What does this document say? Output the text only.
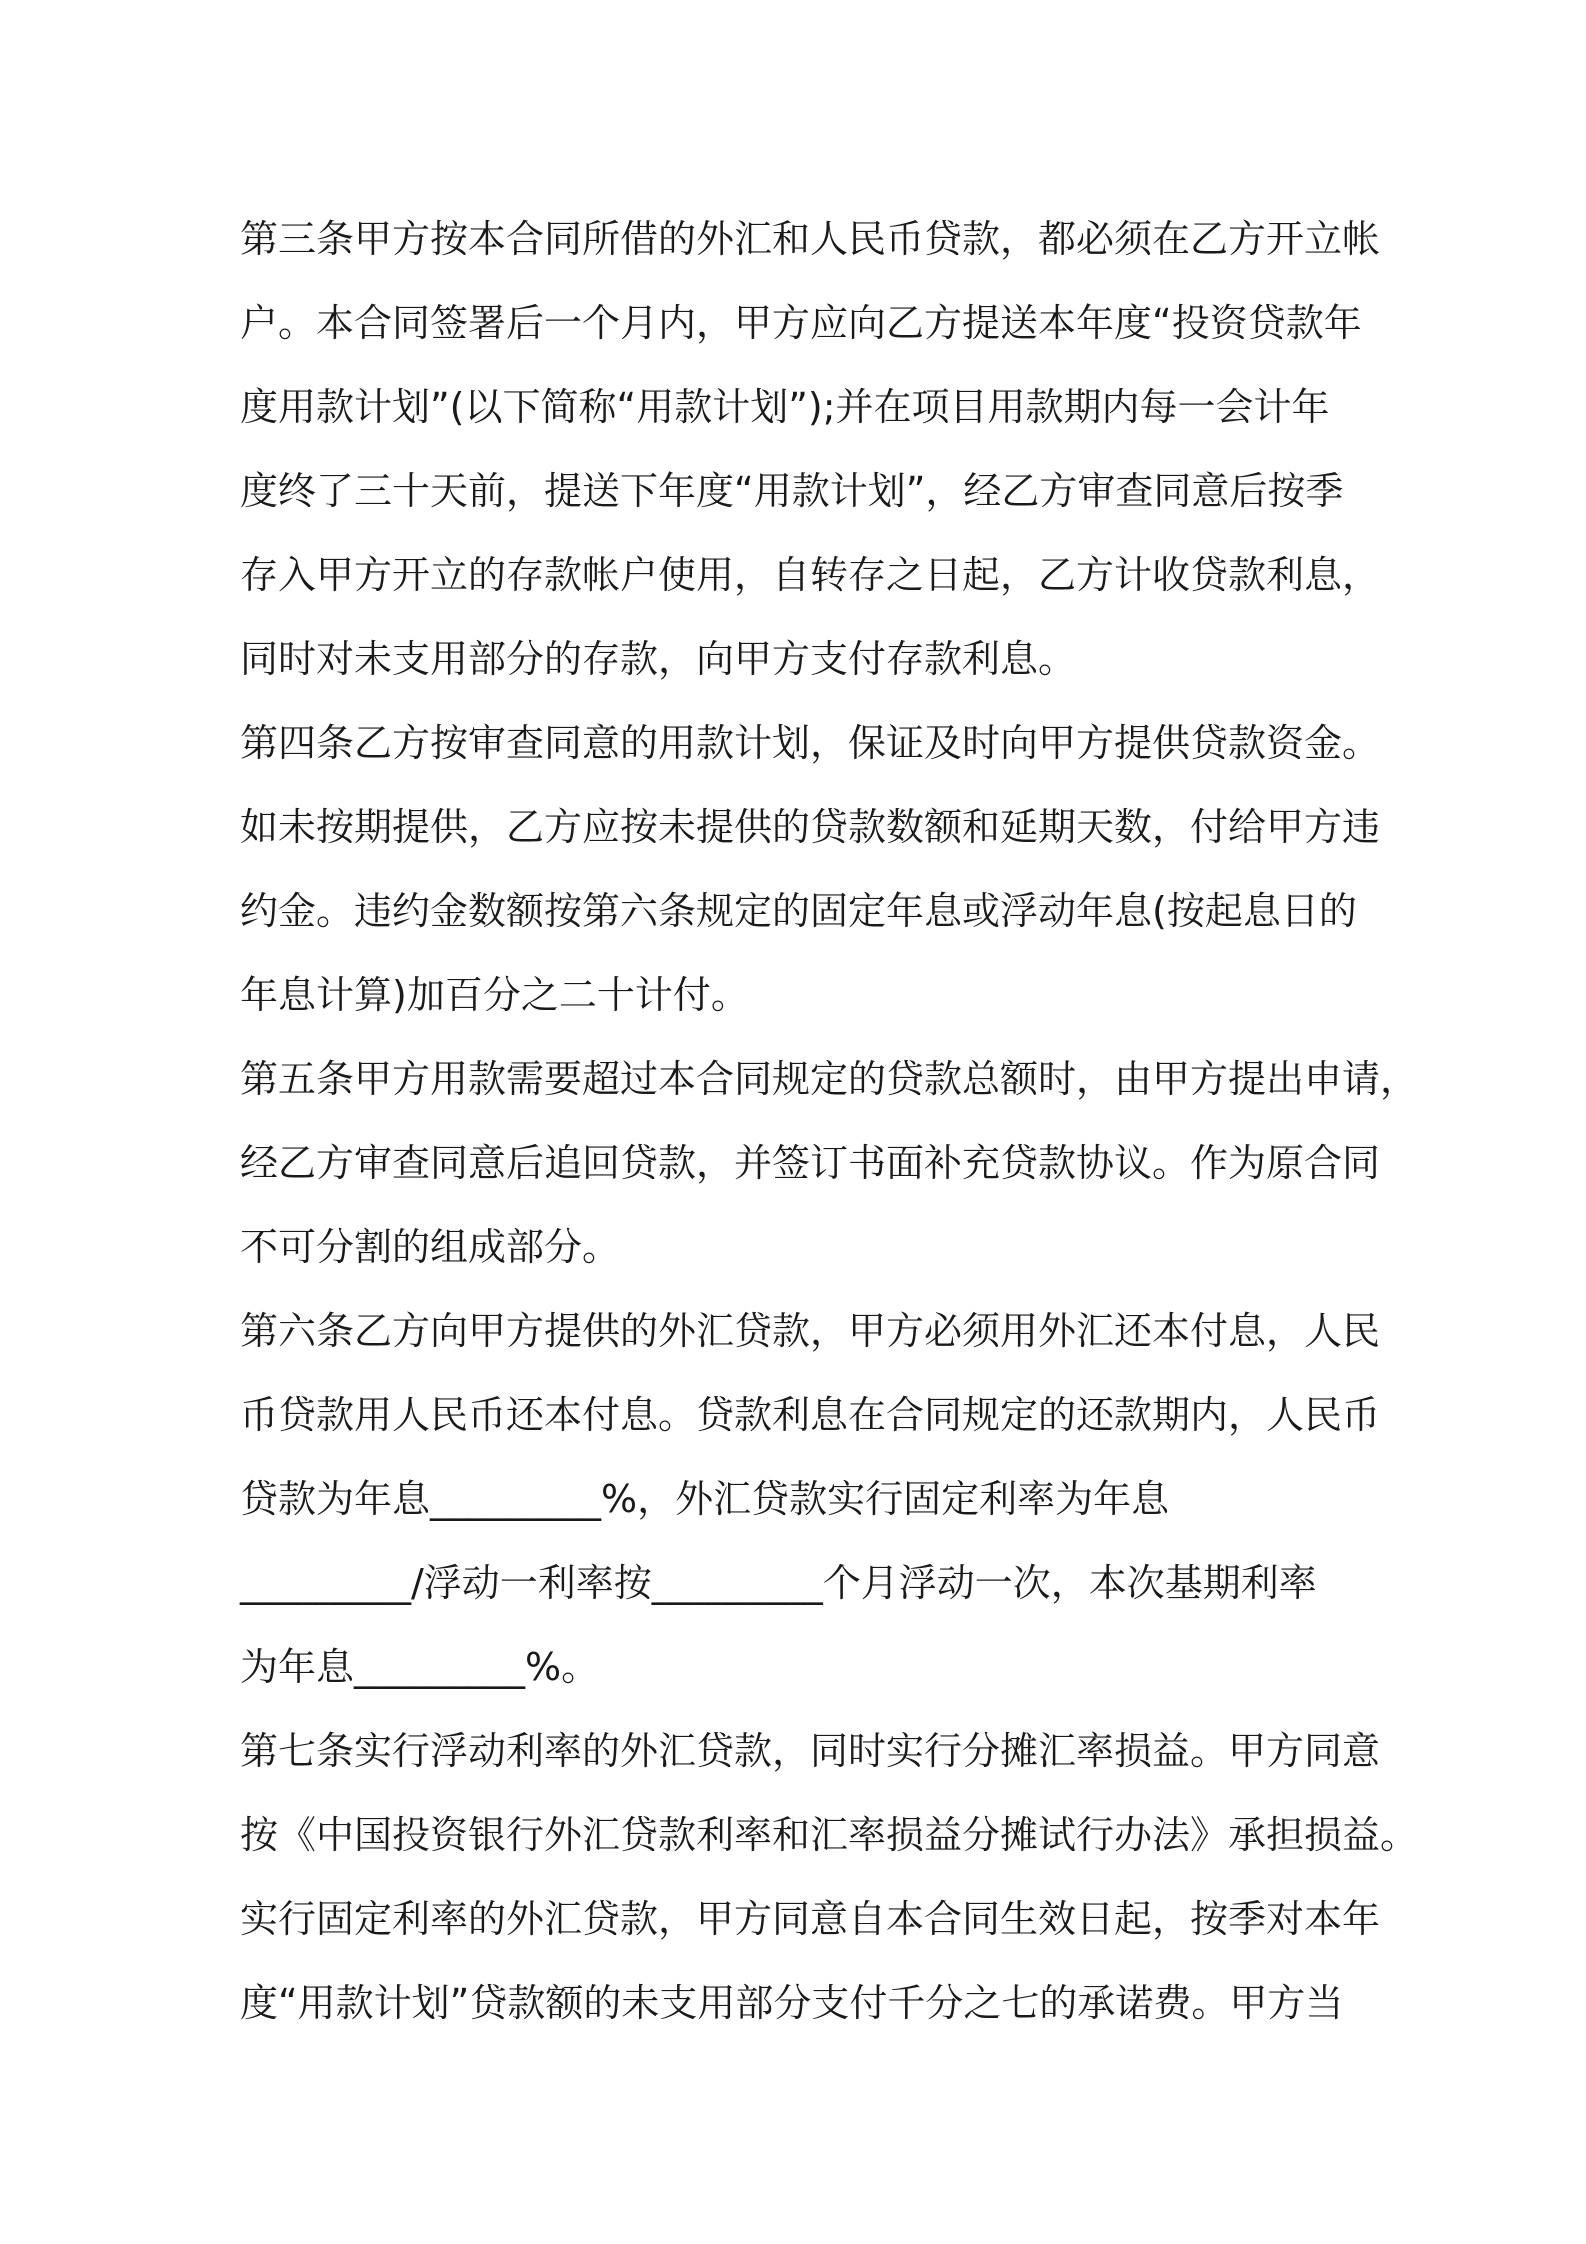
第三条甲方按本合同所借的外汇和人民币贷款，都必须在乙方开立帐
户。本合同签署后一个月内，甲方应向乙方提送本年度“投资贷款年
度用款计划”(以下简称“用款计划”);并在项目用款期内每一会计年
度终了三十天前，提送下年度“用款计划”，经乙方审查同意后按季
存入甲方开立的存款帐户使用，自转存之日起，乙方计收贷款利息，
同时对未支用部分的存款，向甲方支付存款利息。
第四条乙方按审查同意的用款计划，保证及时向甲方提供贷款资金。
如未按期提供，乙方应按未提供的贷款数额和延期天数，付给甲方违
约金。违约金数额按第六条规定的固定年息或浮动年息(按起息日的
年息计算)加百分之二十计付。
第五条甲方用款需要超过本合同规定的贷款总额时，由甲方提出申请，
经乙方审查同意后追回贷款，并签订书面补充贷款协议。作为原合同
不可分割的组成部分。
第六条乙方向甲方提供的外汇贷款，甲方必须用外汇还本付息，人民
币贷款用人民币还本付息。贷款利息在合同规定的还款期内，人民币
贷款为年息_________%，外汇贷款实行固定利率为年息
_________/浮动一利率按_________个月浮动一次，本次基期利率
为年息_________%。
第七条实行浮动利率的外汇贷款，同时实行分摊汇率损益。甲方同意
按《中国投资银行外汇贷款利率和汇率损益分摊试行办法》承担损益。
实行固定利率的外汇贷款，甲方同意自本合同生效日起，按季对本年
度“用款计划”贷款额的未支用部分支付千分之七的承诺费。甲方当
